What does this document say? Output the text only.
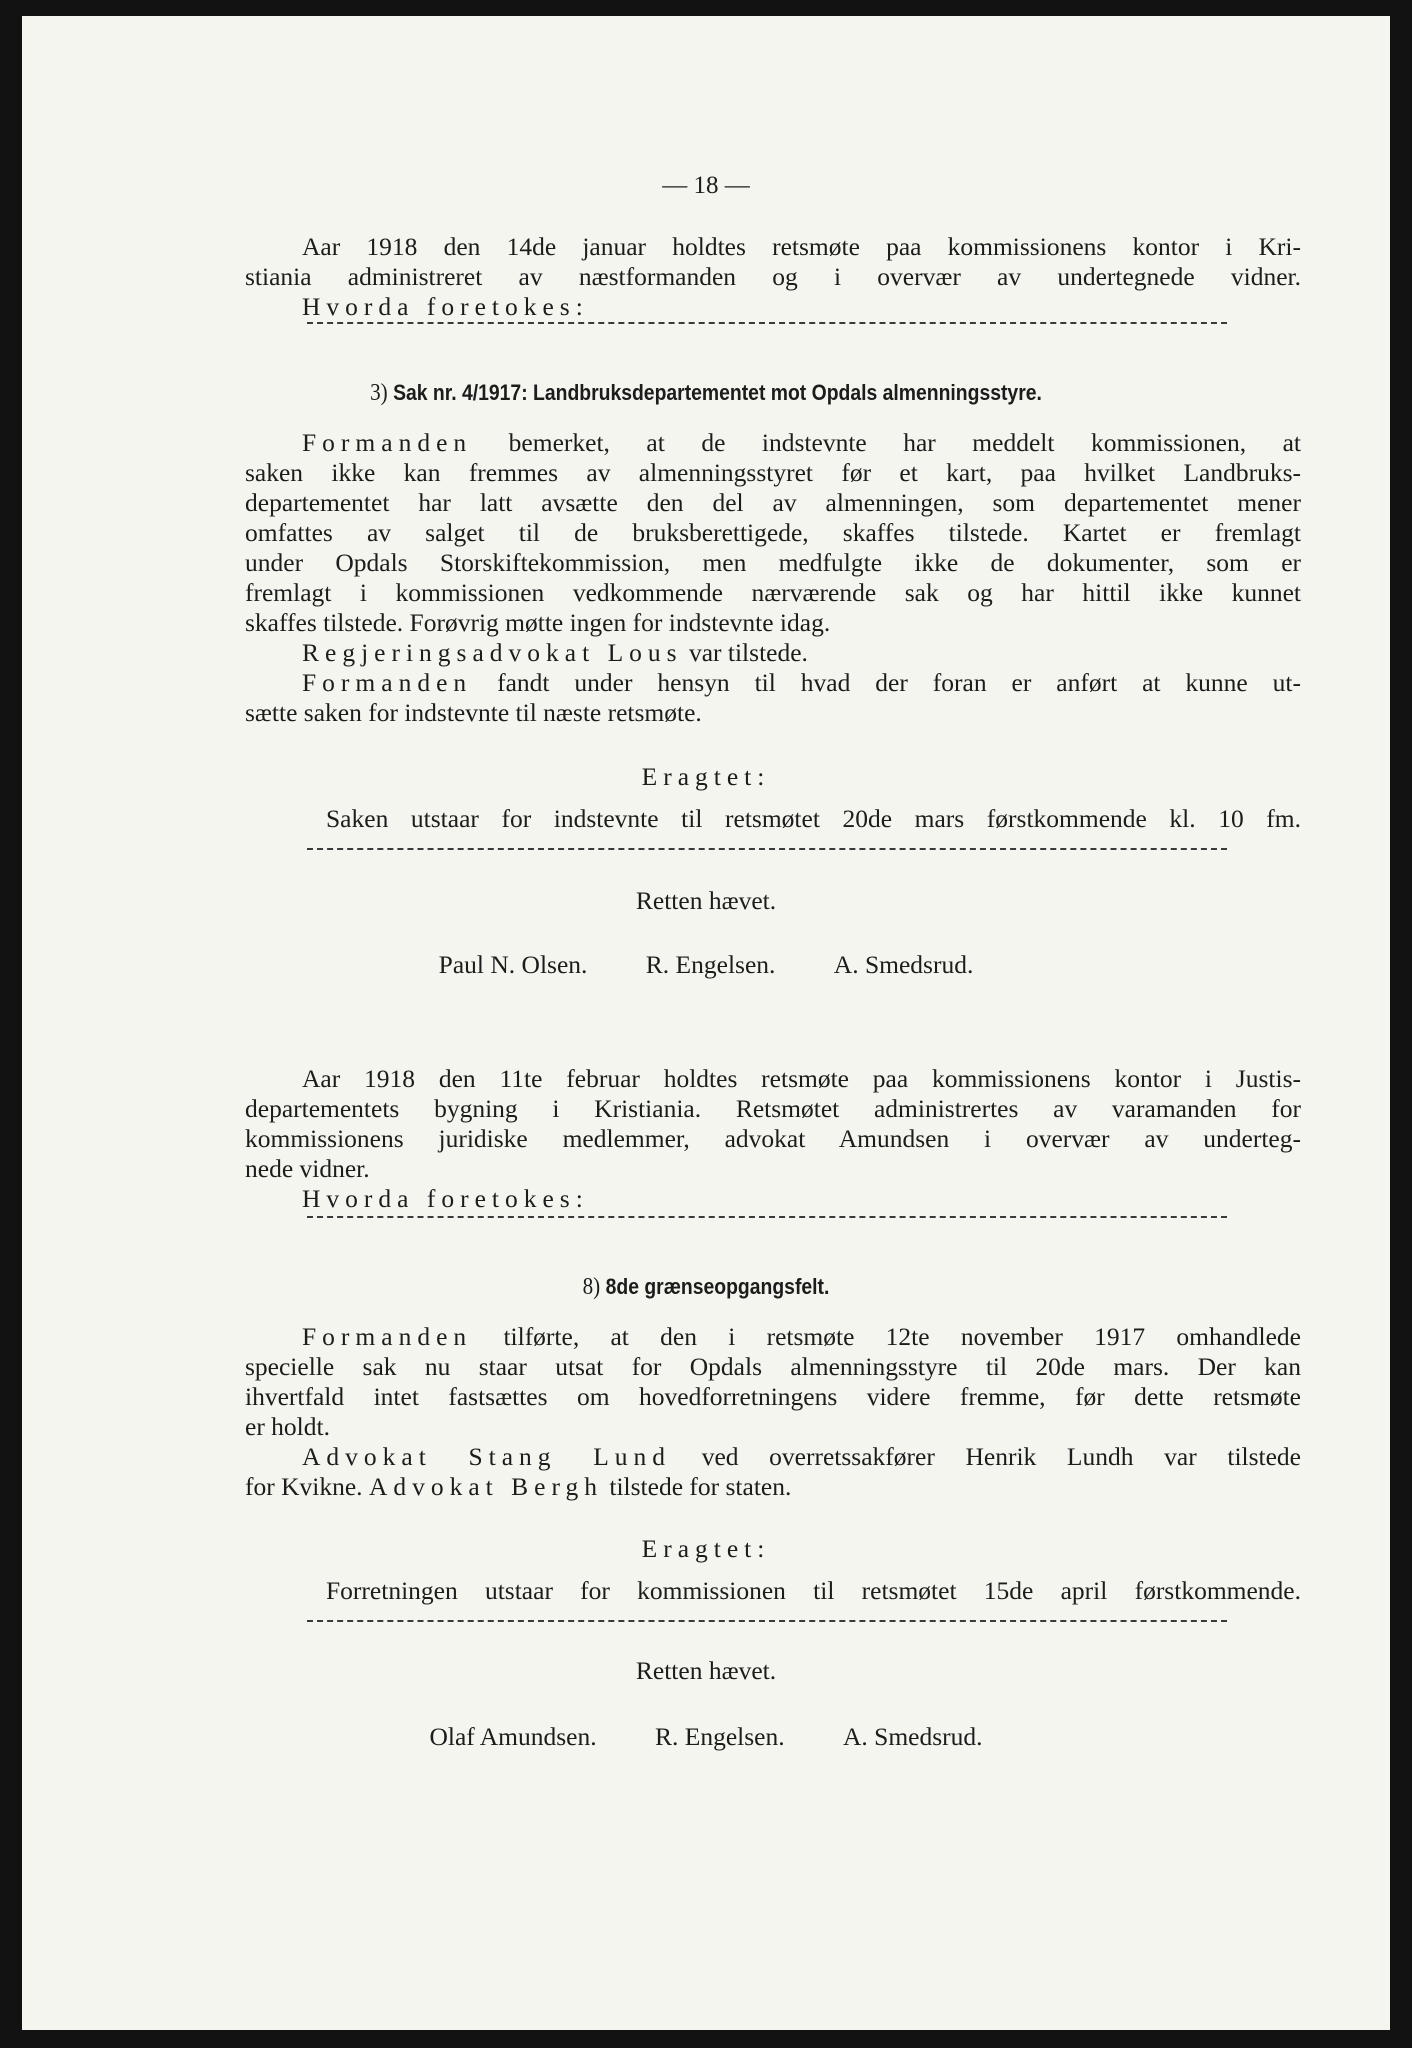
— 18 —
Aar 1918 den 14de januar holdtes retsmøte paa kommissionens kontor i Kri-
stiania administreret av næstformanden og i overvær av undertegnede vidner.
Hvorda foretokes:
3) Sak nr. 4/1917: Landbruksdepartementet mot Opdals almenningsstyre.
Formanden bemerket, at de indstevnte har meddelt kommissionen, at
saken ikke kan fremmes av almenningsstyret før et kart, paa hvilket Landbruks-
departementet har latt avsætte den del av almenningen, som departementet mener
omfattes av salget til de bruksberettigede, skaffes tilstede. Kartet er fremlagt
under Opdals Storskiftekommission, men medfulgte ikke de dokumenter, som er
fremlagt i kommissionen vedkommende nærværende sak og har hittil ikke kunnet
skaffes tilstede. Forøvrig møtte ingen for indstevnte idag.
Regjeringsadvokat Lous var tilstede.
Formanden fandt under hensyn til hvad der foran er anført at kunne ut-
sætte saken for indstevnte til næste retsmøte.
Eragtet:
Saken utstaar for indstevnte til retsmøtet 20de mars førstkommende kl. 10 fm.
Retten hævet.
Paul N. Olsen. R. Engelsen. A. Smedsrud.
Aar 1918 den 11te februar holdtes retsmøte paa kommissionens kontor i Justis-
departementets bygning i Kristiania. Retsmøtet administrertes av varamanden for
kommissionens juridiske medlemmer, advokat Amundsen i overvær av underteg-
nede vidner.
Hvorda foretokes:
8) 8de grænseopgangsfelt.
Formanden tilførte, at den i retsmøte 12te november 1917 omhandlede
specielle sak nu staar utsat for Opdals almenningsstyre til 20de mars. Der kan
ihvertfald intet fastsættes om hovedforretningens videre fremme, før dette retsmøte
er holdt.
Advokat Stang Lund ved overretssakfører Henrik Lundh var tilstede
for Kvikne. Advokat Bergh tilstede for staten.
Eragtet:
Forretningen utstaar for kommissionen til retsmøtet 15de april førstkommende.
Retten hævet.
Olaf Amundsen. R. Engelsen. A. Smedsrud.
